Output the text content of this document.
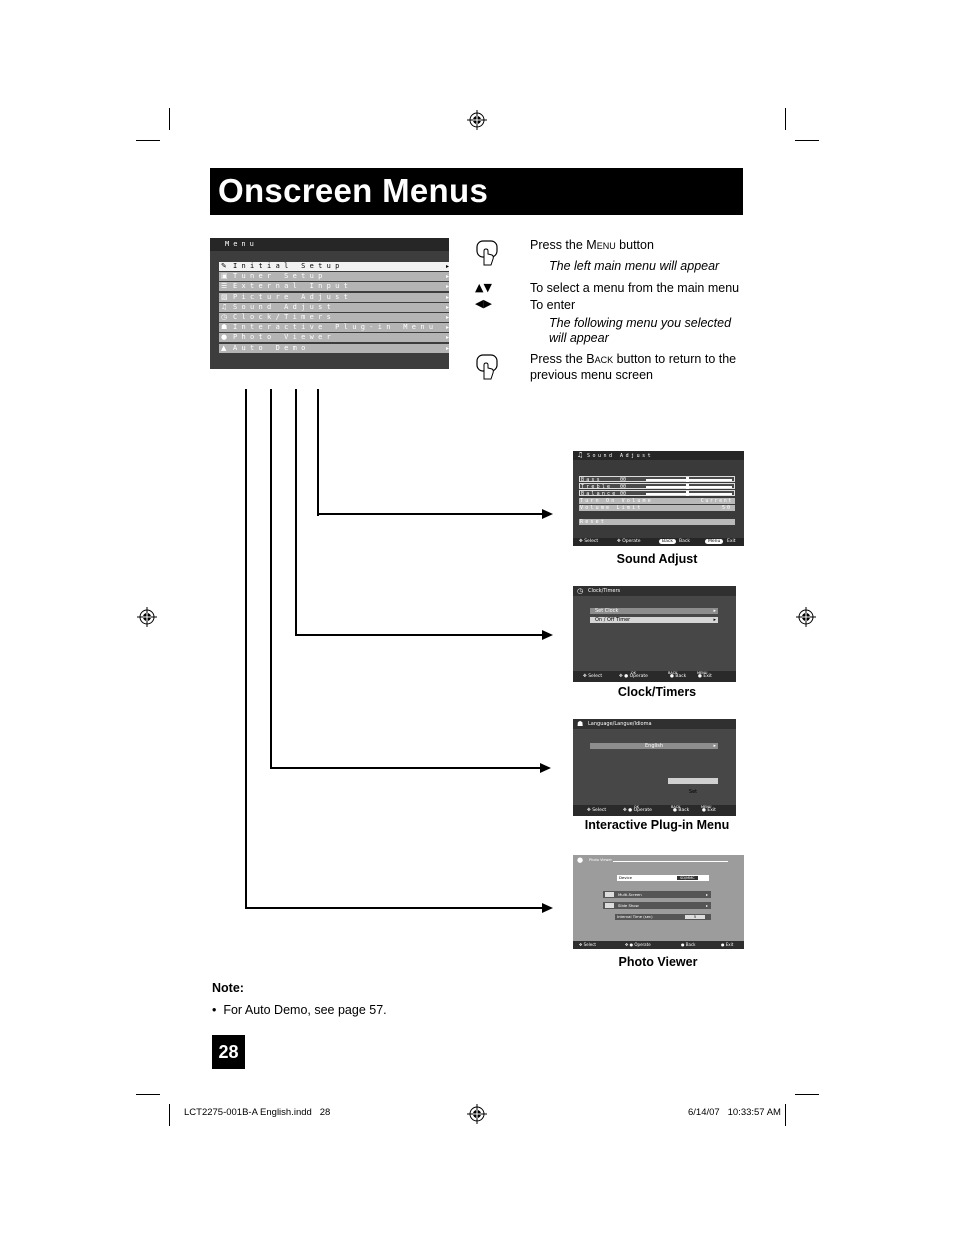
Onscreen Menus
Menu
✎ Initial Setup	▸
▣ Tuner Setup	▸
☰ External Input	▸
▨ Picture Adjust	▸
♫ Sound Adjust	▸
◷ Clock/Timers	▸
☗ Interactive Plug-in Menu ▸
● Photo Viewer	▸
▲ Auto Demo	▸
Press the Menu button
The left main menu will appear
▲▼
◀▶
To select a menu from the main menu
To enter
The following menu you selected
will appear
Press the Back button to return to the
previous menu screen
♫ Sound Adjust
Bass	00
Treble 00
Balance 00
Turn On Volume	Current
Volume Limit	50
Reset
✥ Select	✥ Operate	Back	Back	Menu	Exit
Sound Adjust
◷ Clock/Timers
Set Clock	▸
On / Off Timer	▸
✥ Select
OK
✥ ● Operate
BACK
● Back
MENU
● Exit
Clock/Timers
☗ Language/Langue/Idioma
English	▸
Set
✥ Select
OK
✥ ● Operate
BACK
● Back
MENU
● Exit
Interactive Plug-in Menu
● Photo Viewer
Device	SD/MMC
Multi-Screen	▸
Slide Show	▸
Interval Time (sec)	5
✥ Select	✥ ● Operate	● Back	● Exit
Photo Viewer
Note:
•  For Auto Demo, see page 57.
28
LCT2275-001B-A English.indd   28	6/14/07   10:33:57 AM
